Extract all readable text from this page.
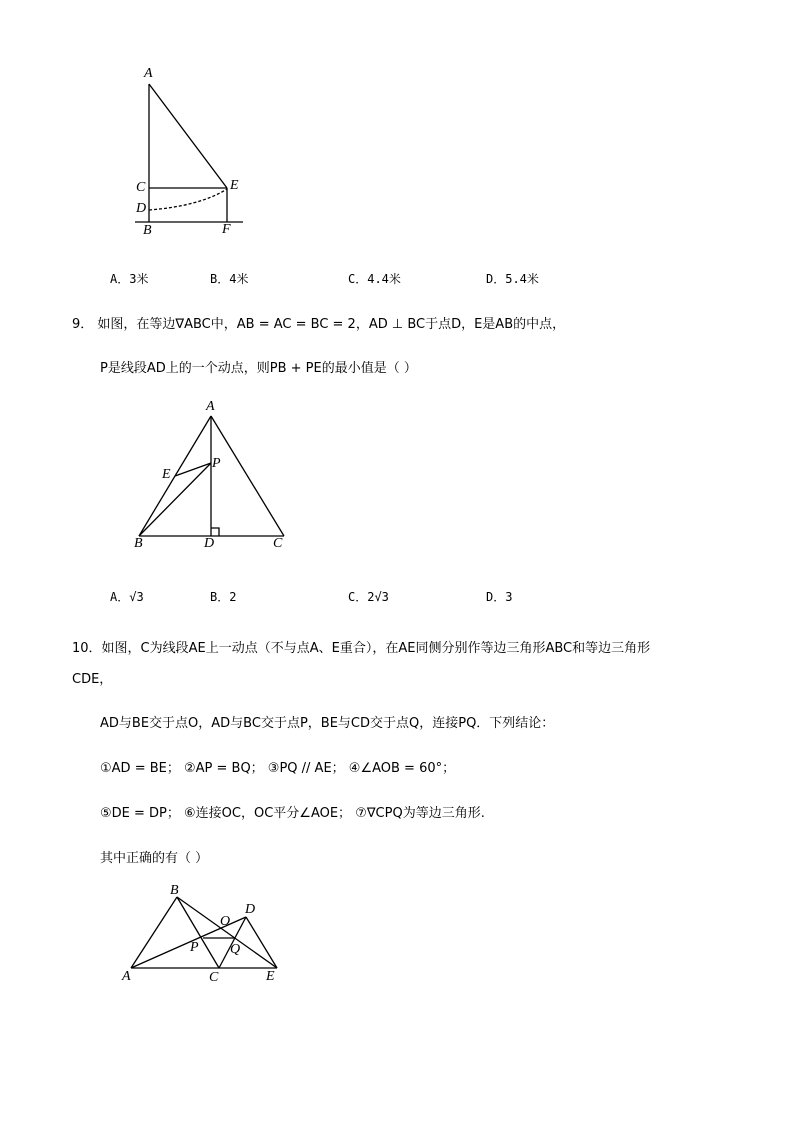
A
C	E
D
B	F
A．3米	B．4米	C．4.4米	D．5.4米
9． 如图，在等边∇ABC中，AB = AC = BC = 2，AD ⊥ BC于点D，E是AB的中点，
P是线段AD上的一个动点，则PB + PE的最小值是（ ）
A
P
E
B	D	C
A．√3	B．2	C．2√3	D．3
10．如图，C为线段AE上一动点（不与点A、E重合），在AE同侧分别作等边三角形ABC和等边三角形
CDE，
AD与BE交于点O，AD与BC交于点P，BE与CD交于点Q，连接PQ．下列结论：
①AD = BE； ②AP = BQ； ③PQ // AE； ④∠AOB = 60°；
⑤DE = DP； ⑥连接OC，OC平分∠AOE； ⑦∇CPQ为等边三角形.
其中正确的有（ ）
B
O
D
P Q
A	C	E
